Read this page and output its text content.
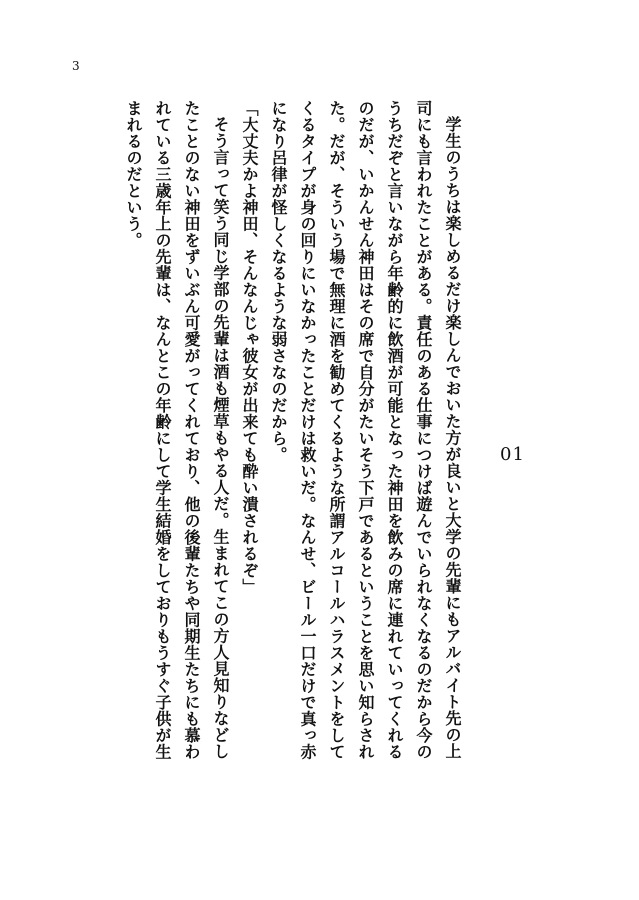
3
01
学生のうちは楽しめるだけ楽しんでおいた方が良いと大学の先輩にもアルバイト先の上
司にも言われたことがある。責任のある仕事につけば遊んでいられなくなるのだから今の
うちだぞと言いながら年齢的に飲酒が可能となった神田を飲みの席に連れていってくれる
のだが、いかんせん神田はその席で自分がたいそう下戸であるということを思い知らされ
た。だが、そういう場で無理に酒を勧めてくるような所謂アルコールハラスメントをして
くるタイプが身の回りにいなかったことだけは救いだ。なんせ、ビール一口だけで真っ赤
になり呂律が怪しくなるような弱さなのだから。
「大丈夫かよ神田、そんなんじゃ彼女が出来ても酔い潰されるぞ」
そう言って笑う同じ学部の先輩は酒も煙草もやる人だ。生まれてこの方人見知りなどし
たことのない神田をずいぶん可愛がってくれており、他の後輩たちや同期生たちにも慕わ
れている三歳年上の先輩は、なんとこの年齢にして学生結婚をしておりもうすぐ子供が生
まれるのだという。
